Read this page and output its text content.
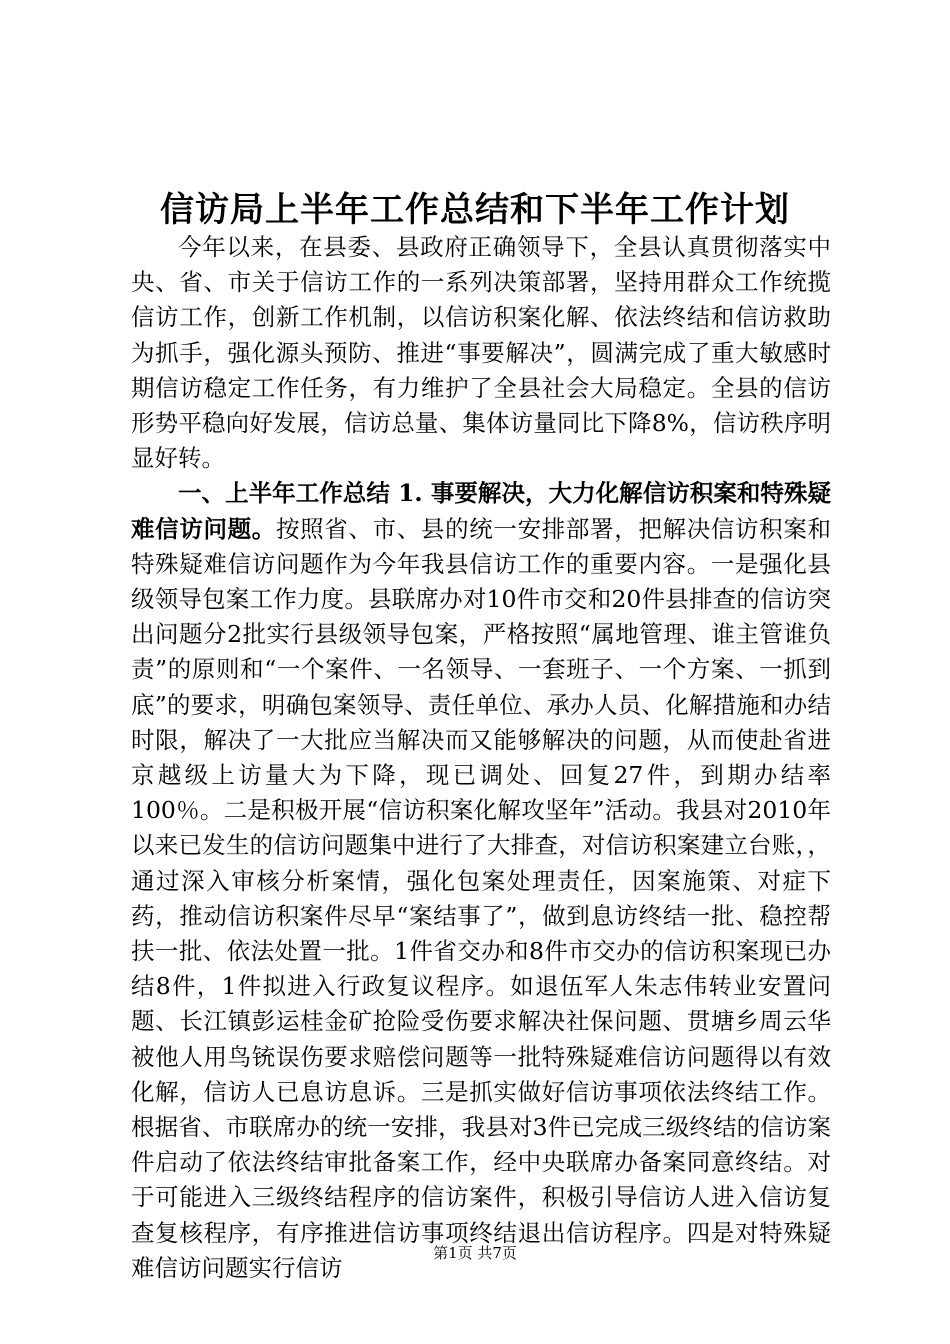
信访局上半年工作总结和下半年工作计划

今年以来，在县委、县政府正确领导下，全县认真贯彻落实中央、省、市关于信访工作的一系列决策部署，坚持用群众工作统揽信访工作，创新工作机制，以信访积案化解、依法终结和信访救助为抓手，强化源头预防、推进“事要解决”，圆满完成了重大敏感时期信访稳定工作任务，有力维护了全县社会大局稳定。全县的信访形势平稳向好发展，信访总量、集体访量同比下降8%，信访秩序明显好转。

一、上半年工作总结 1. 事要解决，大力化解信访积案和特殊疑难信访问题。按照省、市、县的统一安排部署，把解决信访积案和特殊疑难信访问题作为今年我县信访工作的重要内容。一是强化县级领导包案工作力度。县联席办对10件市交和20件县排查的信访突出问题分2批实行县级领导包案，严格按照“属地管理、谁主管谁负责”的原则和“一个案件、一名领导、一套班子、一个方案、一抓到底”的要求，明确包案领导、责任单位、承办人员、化解措施和办结时限，解决了一大批应当解决而又能够解决的问题，从而使赴省进京越级上访量大为下降，现已调处、回复27件，到期办结率100％。二是积极开展“信访积案化解攻坚年”活动。我县对2010年以来已发生的信访问题集中进行了大排查，对信访积案建立台账，，通过深入审核分析案情，强化包案处理责任，因案施策、对症下药，推动信访积案件尽早“案结事了”，做到息访终结一批、稳控帮扶一批、依法处置一批。1件省交办和8件市交办的信访积案现已办结8件，1件拟进入行政复议程序。如退伍军人朱志伟转业安置问题、长江镇彭运桂金矿抢险受伤要求解决社保问题、贯塘乡周云华被他人用鸟铳误伤要求赔偿问题等一批特殊疑难信访问题得以有效化解，信访人已息访息诉。三是抓实做好信访事项依法终结工作。根据省、市联席办的统一安排，我县对3件已完成三级终结的信访案件启动了依法终结审批备案工作，经中央联席办备案同意终结。对于可能进入三级终结程序的信访案件，积极引导信访人进入信访复查复核程序，有序推进信访事项终结退出信访程序。四是对特殊疑难信访问题实行信访

第1页 共7页
